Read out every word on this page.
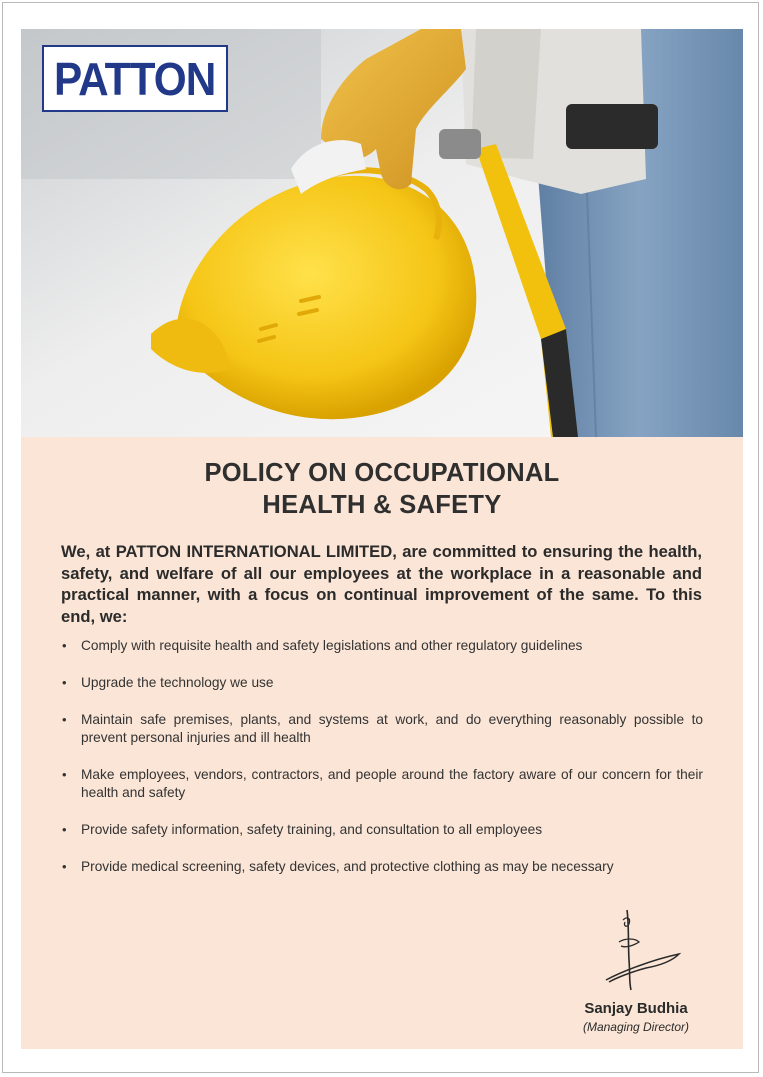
PATTON
POLICY ON OCCUPATIONAL
HEALTH & SAFETY

We, at PATTON INTERNATIONAL LIMITED, are committed to ensuring the health, safety, and welfare of all our employees at the workplace in a reasonable and practical manner, with a focus on continual improvement of the same. To this end, we:

• Comply with requisite health and safety legislations and other regulatory guidelines
• Upgrade the technology we use
• Maintain safe premises, plants, and systems at work, and do everything reasonably possible to prevent personal injuries and ill health
• Make employees, vendors, contractors, and people around the factory aware of our concern for their health and safety
• Provide safety information, safety training, and consultation to all employees
• Provide medical screening, safety devices, and protective clothing as may be necessary
Sanjay Budhia
(Managing Director)
